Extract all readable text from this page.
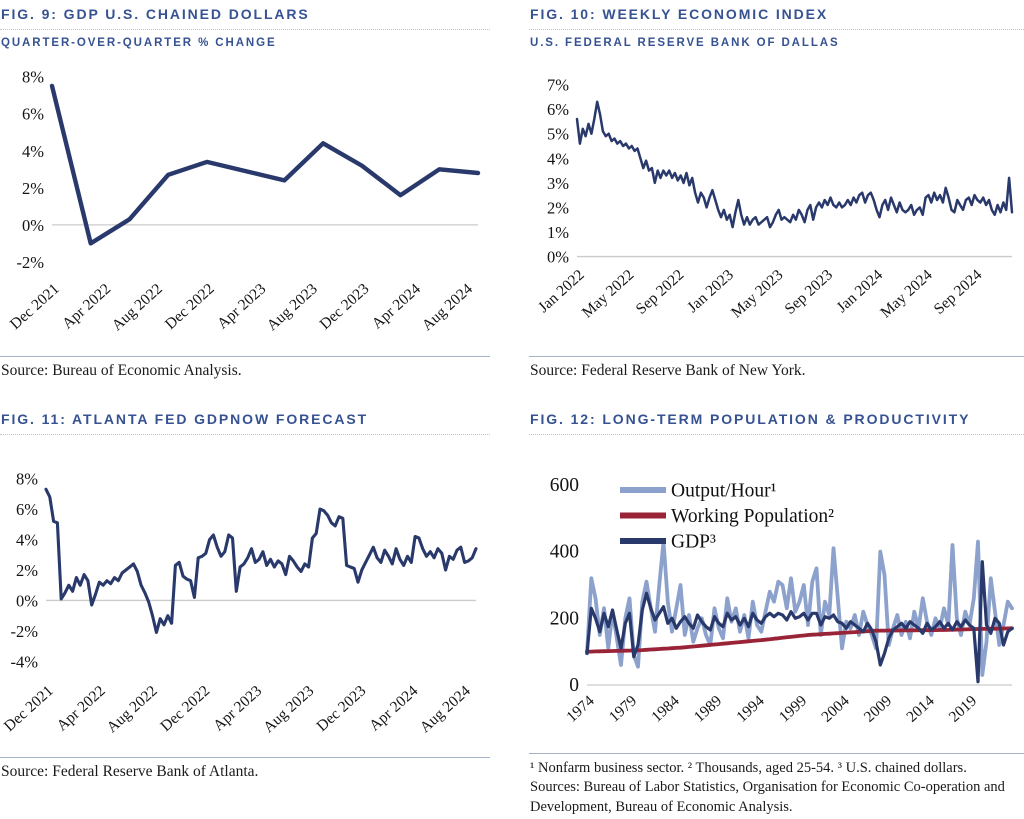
FIG. 9: GDP U.S. CHAINED DOLLARS
QUARTER-OVER-QUARTER % CHANGE
8%
6%
4%
2%
0%
-2%
Dec 2021
Apr 2022
Aug 2022
Dec 2022
Apr 2023
Aug 2023
Dec 2023
Apr 2024
Aug 2024
Source: Bureau of Economic Analysis.
FIG. 10: WEEKLY ECONOMIC INDEX
U.S. FEDERAL RESERVE BANK OF DALLAS
7%
6%
5%
4%
3%
2%
1%
0%
Jan 2022
May 2022
Sep 2022
Jan 2023
May 2023
Sep 2023
Jan 2024
May 2024
Sep 2024
Source: Federal Reserve Bank of New York.
FIG. 11: ATLANTA FED GDPNOW FORECAST
8%
6%
4%
2%
0%
-2%
-4%
Dec 2021
Apr 2022
Aug 2022
Dec 2022
Apr 2023
Aug 2023
Dec 2023
Apr 2024
Aug 2024
Source: Federal Reserve Bank of Atlanta.
FIG. 12: LONG-TERM POPULATION & PRODUCTIVITY
600
400
200
0
1974 1979 1984 1989 1994 1999 2004 2009 2014 2019
Output/Hour¹
Working Population²
GDP³
¹ Nonfarm business sector. ² Thousands, aged 25-54. ³ U.S. chained dollars. Sources: Bureau of Labor Statistics, Organisation for Economic Co-operation and Development, Bureau of Economic Analysis.
